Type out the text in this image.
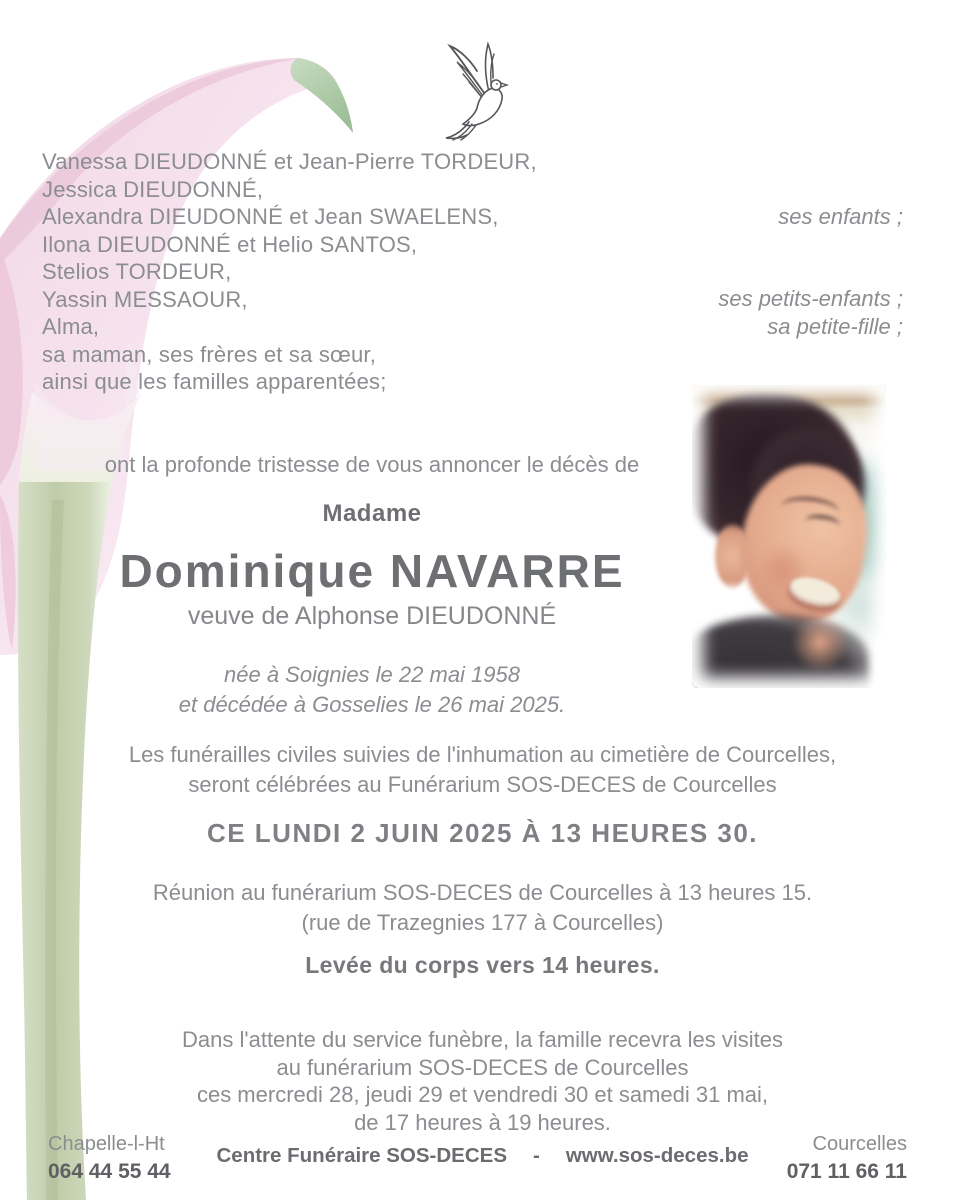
Vanessa DIEUDONNÉ et Jean-Pierre TORDEUR,
Jessica DIEUDONNÉ,
Alexandra DIEUDONNÉ et Jean SWAELENS,
Ilona DIEUDONNÉ et Helio SANTOS,
Stelios TORDEUR,
Yassin MESSAOUR,
Alma,
sa maman, ses frères et sa sœur,
ainsi que les familles apparentées;
ses enfants ;
ses petits-enfants ;
sa petite-fille ;
ont la profonde tristesse de vous annoncer le décès de
Madame
Dominique NAVARRE
veuve de Alphonse DIEUDONNÉ
née à Soignies le 22 mai 1958
et décédée à Gosselies le 26 mai 2025.
Les funérailles civiles suivies de l'inhumation au cimetière de Courcelles,
seront célébrées au Funérarium SOS-DECES de Courcelles
CE LUNDI 2 JUIN 2025 À 13 HEURES 30.
Réunion au funérarium SOS-DECES de Courcelles à 13 heures 15.
(rue de Trazegnies 177 à Courcelles)
Levée du corps vers 14 heures.
Dans l'attente du service funèbre, la famille recevra les visites
au funérarium SOS-DECES de Courcelles
ces mercredi 28, jeudi 29 et vendredi 30 et samedi 31 mai,
de 17 heures à 19 heures.
Chapelle-l-Ht
064 44 55 44
Centre Funéraire SOS-DECES - www.sos-deces.be	Courcelles
071 11 66 11
